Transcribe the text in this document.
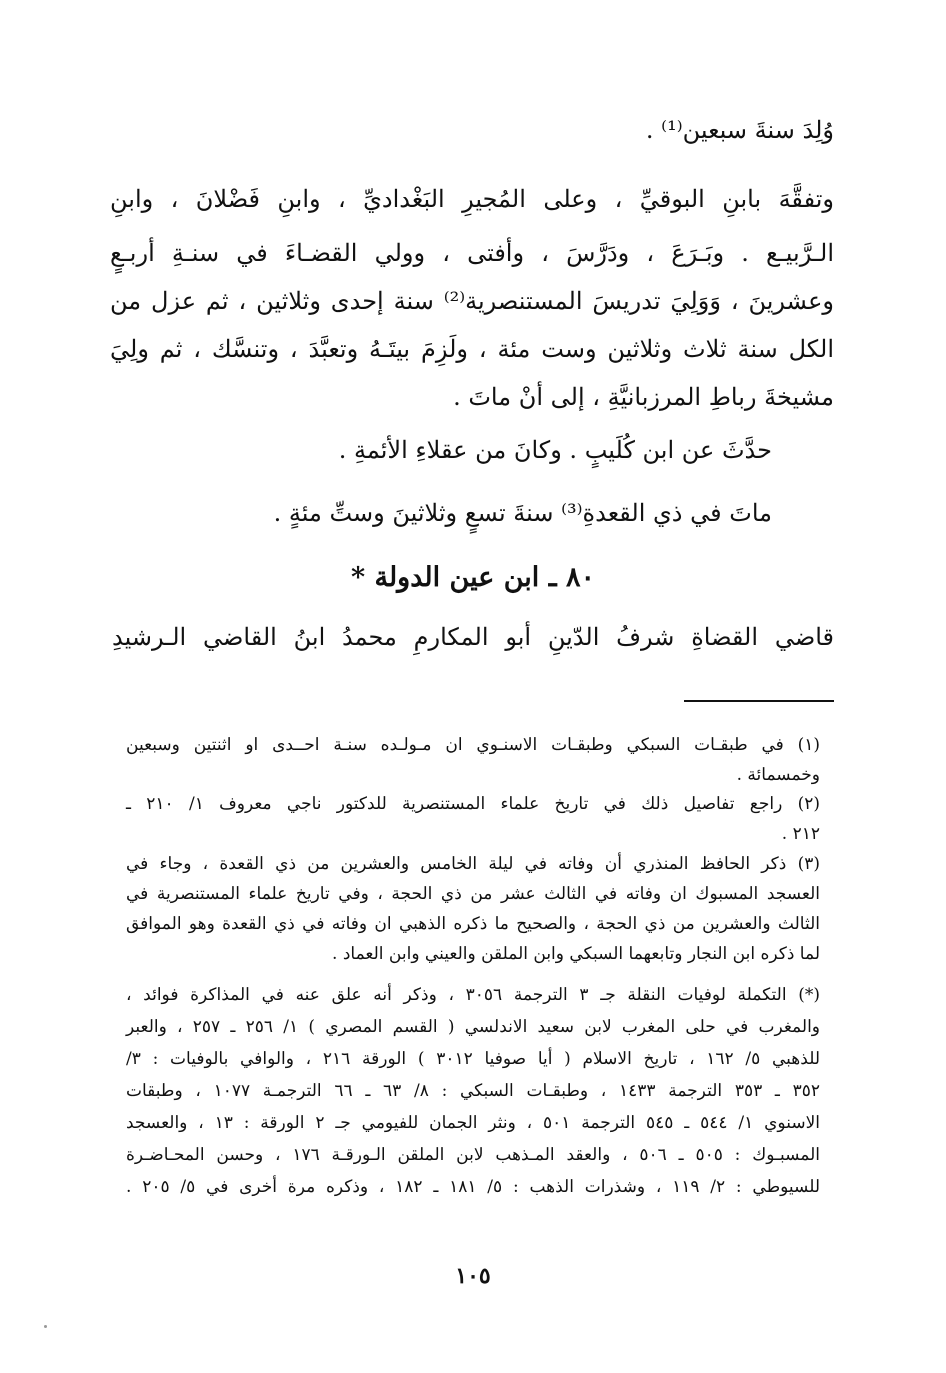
وُلِدَ سنةَ سبعين⁽¹⁾ .
وتفقَّهَ بابنِ البوقيِّ ، وعلى المُجيرِ البَغْداديِّ ، وابنِ فَضْلانَ ، وابنِ
الـرَّبيـع . وبَـرَعَ ، ودَرَّسَ ، وأفتى ، وولي القضـاءَ في سنـةِ أربـعٍ
وعشرينَ ، وَوَلِيَ تدريسَ المستنصرية⁽²⁾ سنة إحدى وثلاثين ، ثم عزل من
الكل سنة ثلاث وثلاثين وست مئة ، ولَزِمَ بيتَـهُ وتعبَّدَ ، وتنسَّك ، ثم ولِيَ
مشيخةَ رباطِ المرزبانيَّةِ ، إلى أنْ ماتَ .
حدَّثَ عن ابن كُلَيبٍ . وكانَ من عقلاءِ الأئمةِ .
ماتَ في ذي القعدةِ⁽³⁾ سنةَ تسعٍ وثلاثينَ وستِّ مئةٍ .
٨٠ ـ ابن عين الدولة *
قاضي القضاةِ شرفُ الدّينِ أبو المكارمِ محمدُ ابنُ القاضي الـرشيدِ
(١) في طبقـات السبكي وطبقـات الاسنـوي ان مـولـده سنـة احــدى او اثنتين وسبعين
وخمسمائة .
(٢) راجع تفاصيل ذلك في تاريخ علماء المستنصرية للدكتور ناجي معروف ١/ ٢١٠ ـ
٢١٢ .
(٣) ذكر الحافظ المنذري أن وفاته في ليلة الخامس والعشرين من ذي القعدة ، وجاء في
العسجد المسبوك ان وفاته في الثالث عشر من ذي الحجة ، وفي تاريخ علماء المستنصرية في
الثالث والعشرين من ذي الحجة ، والصحيح ما ذكره الذهبي ان وفاته في ذي القعدة وهو الموافق
لما ذكره ابن النجار وتابعهما السبكي وابن الملقن والعيني وابن العماد .
(*) التكملة لوفيات النقلة جـ ٣ الترجمة ٣٠٥٦ ، وذكر أنه علق عنه في المذاكرة فوائد ،
والمغرب في حلى المغرب لابن سعيد الاندلسي ( القسم المصري ) ١/ ٢٥٦ ـ ٢٥٧ ، والعبر
للذهبي ٥/ ١٦٢ ، تاريخ الاسلام ( أيا صوفيا ٣٠١٢ ) الورقة ٢١٦ ، والوافي بالوفيات : ٣/
٣٥٢ ـ ٣٥٣ الترجمة ١٤٣٣ ، وطبقـات السبكي : ٨/ ٦٣ ـ ٦٦ الترجمـة ١٠٧٧ ، وطبقات
الاسنوي ١/ ٥٤٤ ـ ٥٤٥ الترجمة ٥٠١ ، ونثر الجمان للفيومي جـ ٢ الورقة : ١٣ ، والعسجد
المسبـوك : ٥٠٥ ـ ٥٠٦ ، والعقد المـذهب لابن الملقن الـورقـة ١٧٦ ، وحسن المحـاضـرة
للسيوطي : ٢/ ١١٩ ، وشذرات الذهب : ٥/ ١٨١ ـ ١٨٢ ، وذكره مرة أخرى في ٥/ ٢٠٥ .
١٠٥
